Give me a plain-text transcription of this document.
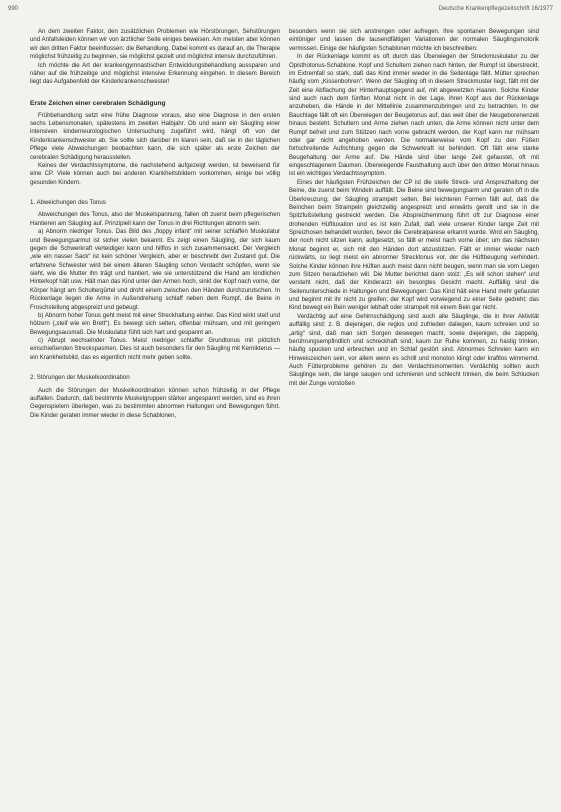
990	Deutsche Krankenpflegezeitschrift 16/1977

An dem zweiten Faktor, den zusätzlichen Problemen wie Hörstörungen, Sehstörungen und Anfallsleiden können wir von ärztlicher Seite einiges beweisen. Am meisten aber können wir den dritten Faktor beeinflussen: die Behandlung. Dabei kommt es darauf an, die Therapie möglichst frühzeitig zu beginnen, sie möglichst gezielt und möglichst intensiv durchzuführen.

Ich möchte die Art der krankengymnastischen Entwicklungsbehandlung aussparen und näher auf die frühzeitige und möglichst intensive Erkennung eingehen. In diesem Bereich liegt das Aufgabenfeld der Kinderkrankenschwester!

Erste Zeichen einer cerebralen Schädigung

Frühbehandlung setzt eine frühe Diagnose voraus, also eine Diagnose in den ersten sechs Lebensmonaten, spätestens im zweiten Halbjahr. Ob und wann ein Säugling einer intensiven kinderneurologischen Untersuchung zugeführt wird, hängt oft von der Kinderkrankenschwester ab. Sie sollte sich darüber im klaren sein, daß sie in der täglichen Pflege viele Abweichungen beobachten kann, die sich später als erste Zeichen der cerebralen Schädigung herausstellen.

Keines der Verdachtssymptome, die nachstehend aufgezeigt werden, ist beweisend für eine CP. Viele können auch bei anderen Krankheitsbildern vorkommen, einige bei völlig gesunden Kindern.

1. Abweichungen des Tonus

Abweichungen des Tonus, also der Muskelspannung, fallen oft zuerst beim pflegerischen Hantieren am Säugling auf. Prinzipiell kann der Tonus in drei Richtungen abnorm sein:

a) Abnorm niedriger Tonus. Das Bild des „floppy infant“ mit seiner schlaffen Muskulatur und Bewegungsarmut ist sicher vielen bekannt. Es zeigt einen Säugling, der sich kaum gegen die Schwerkraft verteidigen kann und hilflos in sich zusammensackt. Der Vergleich „wie ein nasser Sack“ ist kein schöner Vergleich, aber er beschreibt den Zustand gut. Die erfahrene Schwester wird bei einem älteren Säugling schon Verdacht schöpfen, wenn sie sieht, wie die Mutter ihn trägt und hantiert, wie sie unterstützend die Hand am kindlichen Hinterkopf hält usw. Hält man das Kind unter den Armen hoch, sinkt der Kopf nach vorne, der Körper hängt am Schultergürtel und droht einem zwischen den Händen durchzurutschen. In Rückenlage liegen die Arme in Außendrehung schlaff neben dem Rumpf, die Beine in Froschstellung abgespreizt und gebeugt.

b) Abnorm hoher Tonus geht meist mit einer Streckhaltung einher. Das Kind wirkt steif und hölzern („steif wie ein Brett“). Es bewegt sich selten, offenbar mühsam, und mit geringem Bewegungsausmaß. Die Muskulatur fühlt sich hart und gespannt an.

c) Abrupt wechselnder Tonus. Meist niedriger schlaffer Grundtonus mit plötzlich einschießenden Streckspasmen. Dies ist auch besonders für den Säugling mit Kernikterus — ein Krankheitsbild, das es eigentlich nicht mehr geben sollte.

2. Störungen der Muskelkoordination

Auch die Störungen der Muskelkoordination können schon frühzeitig in der Pflege auffallen. Dadurch, daß bestimmte Muskelgruppen stärker angespannt werden, sind es ihren Gegenspielern überlegen, was zu bestimmten abnormen Haltungen und Bewegungen führt. Die Kinder geraten immer wieder in diese Schablonen,

besonders wenn sie sich anstrengen oder aufregen. Ihre spontanen Bewegungen sind eintöniger und lassen die tausendfältigen Variationen der normalen Säuglingsmotorik vermissen. Einige der häufigsten Schablonen möchte ich beschreiben:

In der Rückenlage kommt es oft durch das Überwiegen der Streckmuskulatur zu der Opisthotonus-Schablone. Kopf und Schultern ziehen nach hinten, der Rumpf ist überstreckt, im Extremfall so stark, daß das Kind immer wieder in die Seitenlage fällt. Mütter sprechen häufig vom „Kissenbohren“. Wenn der Säugling oft in diesem Streckmuster liegt, fällt mit der Zeit eine Abflachung der Hinterhauptsgegend auf, mit abgewetzten Haaren. Solche Kinder sind auch nach dem fünften Monat nicht in der Lage, ihren Kopf aus der Rückenlage anzuheben, die Hände in der Mittellinie zusammenzubringen und zu betrachten. In der Bauchlage fällt oft ein Überwiegen der Beugetonus auf, das weit über die Neugeborenenzeit hinaus besteht. Schultern und Arme ziehen nach unten, die Arme können nicht unter dem Rumpf befreit und zum Stützen nach vorne gebracht werden, der Kopf kann nur mühsam oder gar nicht angehoben werden. Die normalerweise vom Kopf zu den Füßen fortschreitende Aufrichtung gegen die Schwerkraft ist behindert. Oft fällt eine starke Beugehaltung der Arme auf. Die Hände sind über lange Zeit gefaustet, oft mit eingeschlagenem Daumen. Überwiegende Fausthaltung auch über den dritten Monat hinaus ist ein wichtiges Verdachtssymptom.

Eines der häufigsten Frühzeichen der CP ist die steife Streck- und Ansprezhaltung der Beine, die zuerst beim Windeln auffällt. Die Beine sind bewegungsarm und geraten oft in die Überkreuzung; der Säugling strampelt selten. Bei leichteren Formen fällt auf, daß die Beinchen beim Strampeln gleichzeitig angespreizt und einwärts gerollt und sie in die Spitzfußstellung gestreckt werden. Die Abspreizhemmung führt oft zur Diagnose einer drohenden Hüftluxation und es ist kein Zufall, daß viele unserer Kinder lange Zeit mit Spreizhosen behandelt wurden, bevor die Cerebralparese erkannt wurde. Wird ein Säugling, der noch nicht sitzen kann, aufgesetzt, so fällt er meist nach vorne über; um das nächsten Monat beginnt er, sich mit den Händen dort abzustützen. Fällt er immer wieder nach rückwärts, so liegt meist ein abnormer Strecktonus vor, der die Hüftbeugung verhindert. Solche Kinder können ihre Hüften auch meist dann nicht beugen, wenn man sie vom Liegen zum Sitzen heraufziehen will. Die Mutter berichtet dann stolz: „Es will schon stehen“ und versteht nicht, daß der Kinderarzt ein besorgtes Gesicht macht. Auffällig sind die Seitenunterschiede in Haltungen und Bewegungen: Das Kind hält eine Hand mehr gefaustet und beginnt mit ihr nicht zu greifen; der Kopf wird vorwiegend zu einer Seite gedreht; das Kind bewegt ein Bein weniger lebhaft oder strampelt mit einem Bein gar nicht.

Verdächtig auf eine Gehirnschädigung sind auch alle Säuglinge, die in ihrer Aktivität auffällig sind: z. B. diejenigen, die reglos und zufrieden daliegen, kaum schreien und so „artig“ sind, daß man sich Sorgen deswegen macht, sowie diejenigen, die zappelig, berührungsempfindlich und schreckhaft sind, kaum zur Ruhe kommen, zu hastig trinken, häufig spucken und erbrechen und im Schlaf gestört sind. Abnormes Schreien kann ein Hinweiszeichen sein, vor allem wenn es schrill und monoton klingt oder kraftlos wimmernd. Auch Fütterprobleme gehören zu den Verdachtsmomenten. Verdächtig sollten auch Säuglinge sein, die lange saugen und schmieren und schlecht trinken, die beim Schlucken mit der Zunge vorstoßen
